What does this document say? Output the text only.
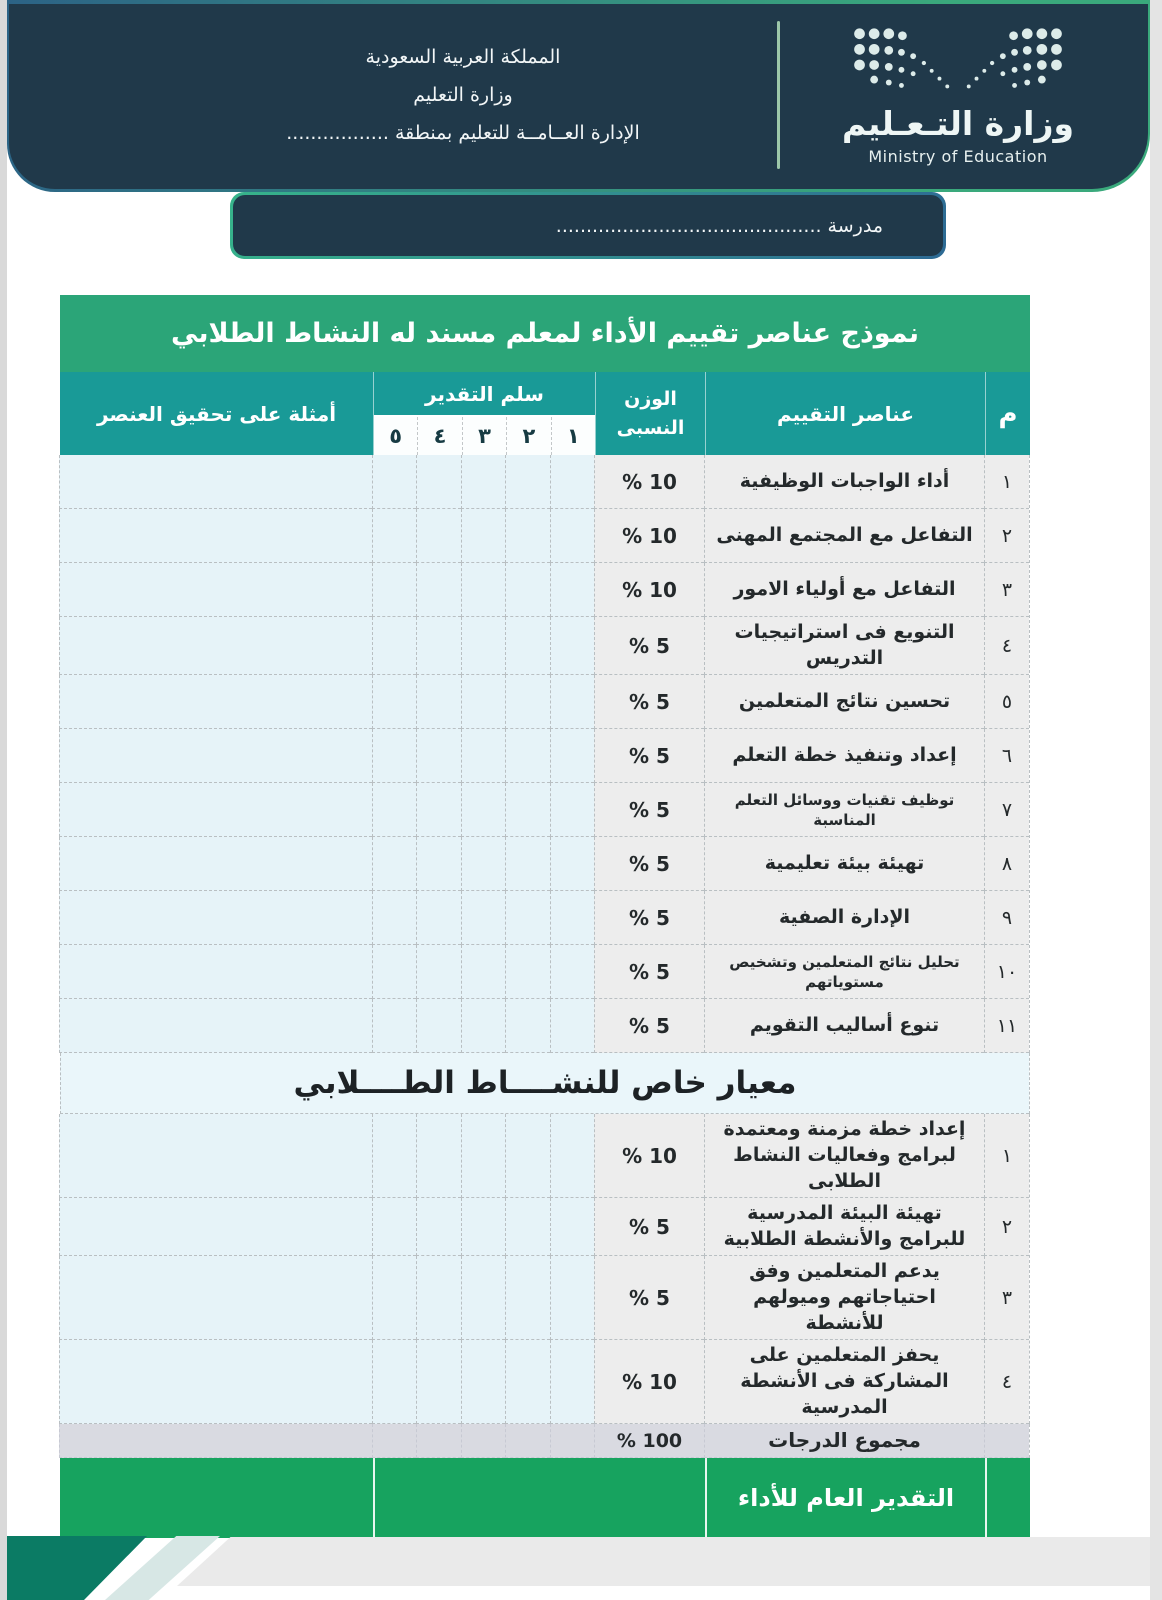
وزارة التـعـليم
Ministry of Education
المملكة العربية السعودية
وزارة التعليم
الإدارة العــامــة للتعليم بمنطقة .................
مدرسة ............................................
نموذج عناصر تقييم الأداء لمعلم مسند له النشاط الطلابي
م
عناصر التقييم
الوزن
النسبى
سلم التقدير
١
٢
٣
٤
٥
أمثلة على تحقيق العنصر
١
أداء الواجبات الوظيفية
% 10
٢
التفاعل مع المجتمع المهنى
% 10
٣
التفاعل مع أولياء الامور
% 10
٤
التنويع فى استراتيجيات التدريس
% 5
٥
تحسين نتائج المتعلمين
% 5
٦
إعداد وتنفيذ خطة التعلم
% 5
٧
توظيف تقنيات ووسائل التعلم المناسبة
% 5
٨
تهيئة بيئة تعليمية
% 5
٩
الإدارة الصفية
% 5
١٠
تحليل نتائج المتعلمين وتشخيص مستوياتهم
% 5
١١
تنوع أساليب التقويم
% 5
معيار خاص للنشــــاط الطــــلابي
١
إعداد خطة مزمنة ومعتمدة لبرامج وفعاليات النشاط الطلابى
% 10
٢
تهيئة البيئة المدرسية للبرامج والأنشطة الطلابية
% 5
٣
يدعم المتعلمين وفق احتياجاتهم وميولهم للأنشطة
% 5
٤
يحفز المتعلمين على المشاركة فى الأنشطة المدرسية
% 10
مجموع الدرجات
% 100
التقدير العام للأداء
